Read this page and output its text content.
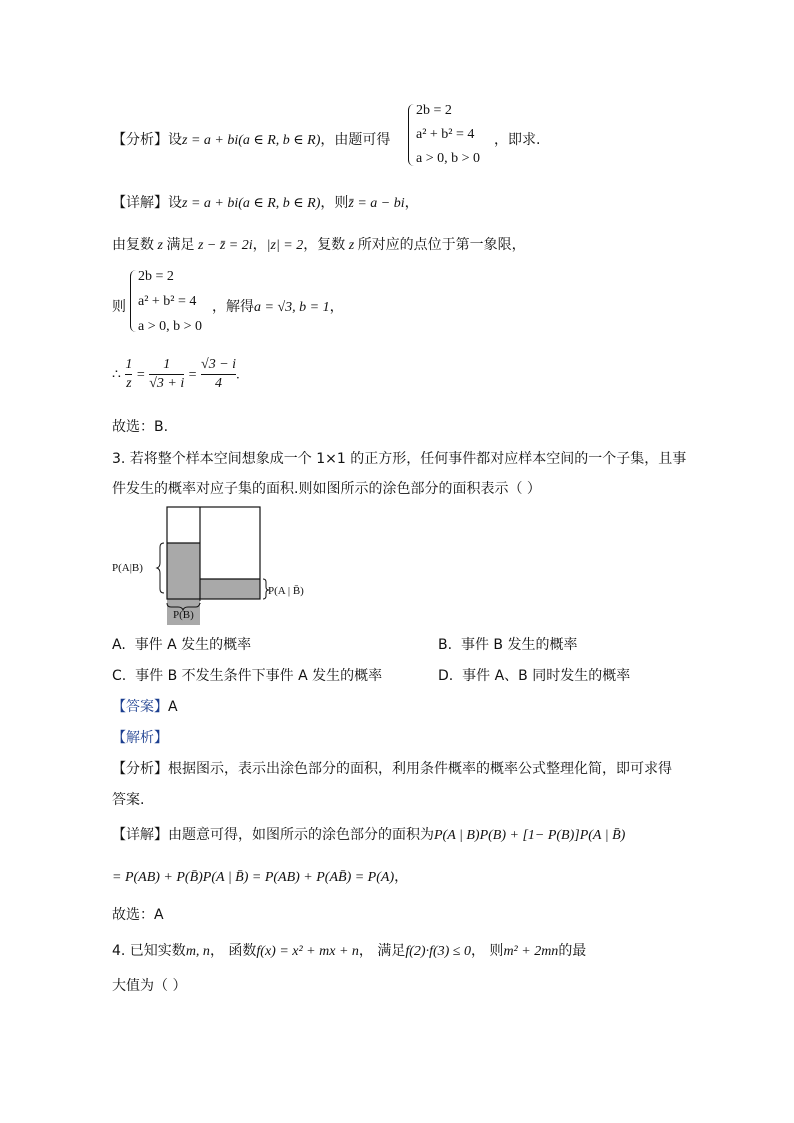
2b = 2
a² + b² = 4
a > 0, b > 0
【分析】设z = a + bi(a ∈ R, b ∈ R)，由题可得	，即求.
【详解】设z = a + bi(a ∈ R, b ∈ R)，则z̄ = a − bi，
由复数 z 满足 z − z̄ = 2i，|z| = 2，复数 z 所对应的点位于第一象限，
则
2b = 2
a² + b² = 4
a > 0, b > 0
，解得a = √3, b = 1，
∴ $\frac{1}{z} = \frac{1}{√3 + i} = \frac{√3 - i}{4}$ .
故选：B.
3. 若将整个样本空间想象成一个 1×1 的正方形，任何事件都对应样本空间的一个子集，且事
件发生的概率对应子集的面积.则如图所示的涂色部分的面积表示（ ）
P(A|B)
P(B)
P(A | B̄)
A. 事件 A 发生的概率	B. 事件 B 发生的概率
C. 事件 B 不发生条件下事件 A 发生的概率	D. 事件 A、B 同时发生的概率
【答案】A
【解析】
【分析】根据图示，表示出涂色部分的面积，利用条件概率的概率公式整理化简，即可求得
答案.
【详解】由题意可得，如图所示的涂色部分的面积为P(A | B)P(B) + [1− P(B)]P(A | B̄)
= P(AB) + P(B̄)P(A | B̄) = P(AB) + P(AB̄) = P(A)，
故选：A
4. 已知实数m, n， 函数f(x) = x² + mx + n， 满足f(2)·f(3) ≤ 0， 则m² + 2mn的最
大值为（ ）
